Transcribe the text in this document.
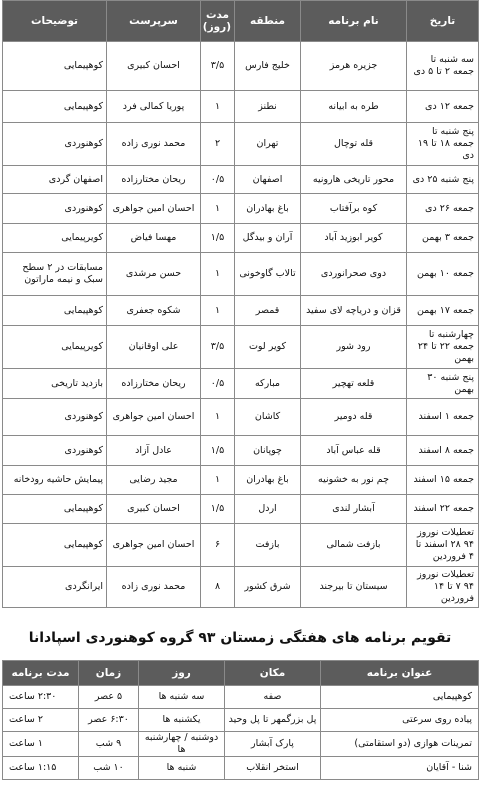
تاریخ	نام برنامه	منطقه	مدت (روز)	سرپرست	توضیحات
سه شنبه تا جمعه ۲ تا ۵ دی	جزیره هرمز	خلیج فارس	۳/۵	احسان کبیری	کوهپیمایی
جمعه ۱۲ دی	طره به ابیانه	نطنز	۱	پوریا کمالی فرد	کوهپیمایی
پنج شنبه تا جمعه ۱۸ تا ۱۹ دی	قله توچال	تهران	۲	محمد نوری زاده	کوهنوردی
پنج شنبه ۲۵ دی	محور تاریخی هارونیه	اصفهان	۰/۵	ریحان مختارزاده	اصفهان گردی
جمعه ۲۶ دی	کوه برآفتاب	باغ بهادران	۱	احسان امین جواهری	کوهنوردی
جمعه ۳ بهمن	کویر ابوزید آباد	آران و بیدگل	۱/۵	مهسا فیاض	کویرپیمایی
جمعه ۱۰ بهمن	دوی صحرانوردی	تالاب گاوخونی	۱	حسن مرشدی	مسابقات در ۲ سطح سبک و نیمه ماراتون
جمعه ۱۷ بهمن	قزان و دریاچه لای سفید	قمصر	۱	شکوه جعفری	کوهپیمایی
چهارشنبه تا جمعه ۲۲ تا ۲۴ بهمن	رود شور	کویر لوت	۳/۵	علی اوقانیان	کویرپیمایی
پنج شنبه ۳۰ بهمن	قلعه تهچیر	مبارکه	۰/۵	ریحان مختارزاده	بازدید تاریخی
جمعه ۱ اسفند	قله دومیر	کاشان	۱	احسان امین جواهری	کوهنوردی
جمعه ۸ اسفند	قله عباس آباد	چوپانان	۱/۵	عادل آزاد	کوهنوردی
جمعه ۱۵ اسفند	چم نور به خشونیه	باغ بهادران	۱	مجید رضایی	پیمایش حاشیه رودخانه
جمعه ۲۲ اسفند	آبشار لندی	اردل	۱/۵	احسان کبیری	کوهپیمایی
تعطیلات نوروز ۹۴ ۲۸ اسفند تا ۴ فروردین	بازفت شمالی	بازفت	۶	احسان امین جواهری	کوهپیمایی
تعطیلات نوروز ۹۴ ۷ تا ۱۴ فروردین	سیستان تا بیرجند	شرق کشور	۸	محمد نوری زاده	ایرانگردی
تقویم برنامه های هفتگی زمستان ۹۳ گروه کوهنوردی اسپادانا
عنوان برنامه	مکان	روز	زمان	مدت برنامه
کوهپیمایی	صفه	سه شنبه ها	۵ عصر	۲:۳۰ ساعت
پیاده روی سرعتی	پل بزرگمهر تا پل وحید	یکشنبه ها	۶:۳۰ عصر	۲ ساعت
تمرینات هوازی (دو استقامتی)	پارک آبشار	دوشنبه / چهارشنبه ها	۹ شب	۱ ساعت
شنا - آقایان	استخر انقلاب	شنبه ها	۱۰ شب	۱:۱۵ ساعت
